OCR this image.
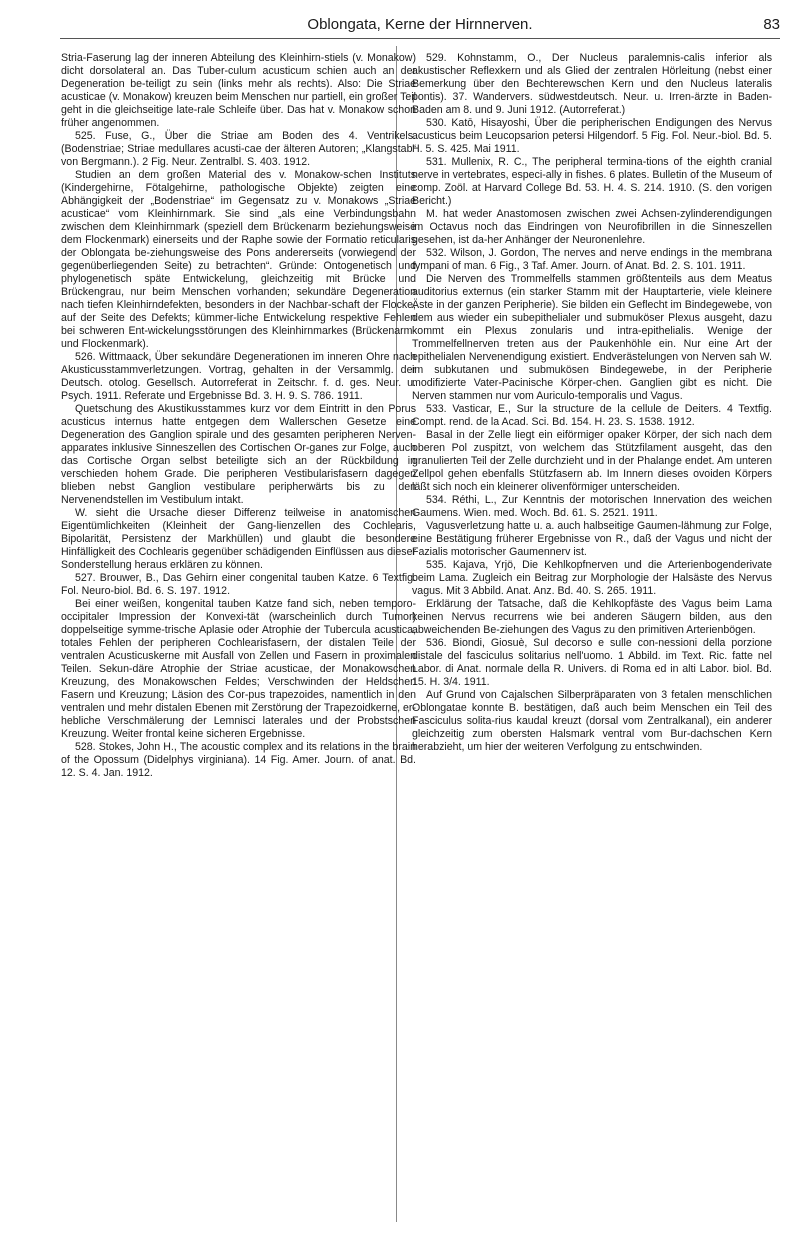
Oblongata, Kerne der Hirnnerven.	83

Stria-Faserung lag der inneren Abteilung des Kleinhirn-stiels (v. Monakow) dicht dorsolateral an. Das Tuber-culum acusticum schien auch an der Degeneration be-teiligt zu sein (links mehr als rechts). Also: Die Striae acusticae (v. Monakow) kreuzen beim Menschen nur partiell, ein großer Teil geht in die gleichseitige late-rale Schleife über. Das hat v. Monakow schon früher angenommen.

525. Fuse, G., Über die Striae am Boden des 4. Ventrikels. (Bodenstriae; Striae medullares acusti-cae der älteren Autoren; „Klangstab“ von Bergmann.). 2 Fig. Neur. Zentralbl. S. 403. 1912.

Studien an dem großen Material des v. Monakow-schen Instituts (Kindergehirne, Fötalgehirne, pathologische Objekte) zeigten eine Abhängigkeit der „Bodenstriae“ im Gegensatz zu v. Monakows „Striae acusticae“ vom Kleinhirnmark. Sie sind „als eine Verbindungsbahn zwischen dem Kleinhirnmark (speziell dem Brückenarm beziehungsweise dem Flockenmark) einerseits und der Raphe sowie der Formatio reticularis der Oblongata be-ziehungsweise des Pons andererseits (vorwiegend der gegenüberliegenden Seite) zu betrachten“. Gründe: Ontogenetisch und phylogenetisch späte Entwickelung, gleichzeitig mit Brücke und Brückengrau, nur beim Menschen vorhanden; sekundäre Degeneration nach tiefen Kleinhirndefekten, besonders in der Nachbar-schaft der Flocke, auf der Seite des Defekts; kümmer-liche Entwickelung respektive Fehlen bei schweren Ent-wickelungsstörungen des Kleinhirnmarkes (Brückenarm- und Flockenmark).

526. Wittmaack, Über sekundäre Degenerationen im inneren Ohre nach Akusticusstammverletzungen. Vortrag, gehalten in der Versammlg. der Deutsch. otolog. Gesellsch. Autorreferat in Zeitschr. f. d. ges. Neur. u. Psych. 1911. Referate und Ergebnisse Bd. 3. H. 9. S. 786. 1911.

Quetschung des Akustikusstammes kurz vor dem Eintritt in den Porus acusticus internus hatte entgegen dem Wallerschen Gesetze eine Degeneration des Ganglion spirale und des gesamten peripheren Nerven-apparates inklusive Sinneszellen des Cortischen Or-ganes zur Folge, auch das Cortische Organ selbst beteiligte sich an der Rückbildung in verschieden hohem Grade. Die peripheren Vestibularisfasern dagegen blieben nebst Ganglion vestibulare peripherwärts bis zu den Nervenendstellen im Vestibulum intakt.

W. sieht die Ursache dieser Differenz teilweise in anatomischen Eigentümlichkeiten (Kleinheit der Gang-lienzellen des Cochlearis, Bipolarität, Persistenz der Markhüllen) und glaubt die besondere Hinfälligkeit des Cochlearis gegenüber schädigenden Einflüssen aus dieser Sonderstellung heraus erklären zu können.

527. Brouwer, B., Das Gehirn einer congenital tauben Katze. 6 Textfig. Fol. Neuro-biol. Bd. 6. S. 197. 1912.

Bei einer weißen, kongenital tauben Katze fand sich, neben temporo-occipitaler Impression der Konvexi-tät (warscheinlich durch Tumor) doppelseitige symme-trische Aplasie oder Atrophie der Tubercula acustica, totales Fehlen der peripheren Cochlearisfasern, der distalen Teile der ventralen Acusticuskerne mit Ausfall von Zellen und Fasern in proximalen Teilen. Sekun-däre Atrophie der Striae acusticae, der Monakowschen Kreuzung, des Monakowschen Feldes; Verschwinden der Heldschen Fasern und Kreuzung; Läsion des Cor-pus trapezoides, namentlich in den ventralen und mehr distalen Ebenen mit Zerstörung der Trapezoidkerne, er-hebliche Verschmälerung der Lemnisci laterales und der Probstschen Kreuzung. Weiter frontal keine sicheren Ergebnisse.

528. Stokes, John H., The acoustic complex and its relations in the brain of the Opossum (Didelphys virginiana). 14 Fig. Amer. Journ. of anat. Bd. 12. S. 4. Jan. 1912.

529. Kohnstamm, O., Der Nucleus paralemnis-calis inferior als akustischer Reflexkern und als Glied der zentralen Hörleitung (nebst einer Bemerkung über den Bechterewschen Kern und den Nucleus lateralis pontis). 37. Wandervers. südwestdeutsch. Neur. u. Irren-ärzte in Baden-Baden am 8. und 9. Juni 1912. (Autorreferat.)

530. Katō, Hisayoshi, Über die peripherischen Endigungen des Nervus acusticus beim Leucopsarion petersi Hilgendorf. 5 Fig. Fol. Neur.-biol. Bd. 5. H. 5. S. 425. Mai 1911.

531. Mullenix, R. C., The peripheral termina-tions of the eighth cranial nerve in vertebrates, especi-ally in fishes. 6 plates. Bulletin of the Museum of comp. Zoöl. at Harvard College Bd. 53. H. 4. S. 214. 1910. (S. den vorigen Bericht.)

M. hat weder Anastomosen zwischen zwei Achsen-zylinderendigungen im Octavus noch das Eindringen von Neurofibrillen in die Sinneszellen gesehen, ist da-her Anhänger der Neuronenlehre.

532. Wilson, J. Gordon, The nerves and nerve endings in the membrana tympani of man. 6 Fig., 3 Taf. Amer. Journ. of Anat. Bd. 2. S. 101. 1911.

Die Nerven des Trommelfells stammen größtenteils aus dem Meatus auditorius externus (ein starker Stamm mit der Hauptarterie, viele kleinere Äste in der ganzen Peripherie). Sie bilden ein Geflecht im Bindegewebe, von dem aus wieder ein subepithelialer und submuköser Plexus ausgeht, dazu kommt ein Plexus zonularis und intra-epithelialis. Wenige der Trommelfellnerven treten aus der Paukenhöhle ein. Nur eine Art der epithelialen Nervenendigung existiert. Endverästelungen von Nerven sah W. im subkutanen und submukösen Bindegewebe, in der Peripherie modifizierte Vater-Pacinische Körper-chen. Ganglien gibt es nicht. Die Nerven stammen nur vom Auriculo-temporalis und Vagus.

533. Vasticar, E., Sur la structure de la cellule de Deiters. 4 Textfig. Compt. rend. de la Acad. Sci. Bd. 154. H. 23. S. 1538. 1912.

Basal in der Zelle liegt ein eiförmiger opaker Körper, der sich nach dem oberen Pol zuspitzt, von welchem das Stützfilament ausgeht, das den granulierten Teil der Zelle durchzieht und in der Phalange endet. Am unteren Zellpol gehen ebenfalls Stützfasern ab. Im Innern dieses ovoiden Körpers läßt sich noch ein kleinerer olivenförmiger unterscheiden.

534. Réthi, L., Zur Kenntnis der motorischen Innervation des weichen Gaumens. Wien. med. Woch. Bd. 61. S. 2521. 1911.

Vagusverletzung hatte u. a. auch halbseitige Gaumen-lähmung zur Folge, eine Bestätigung früherer Ergebnisse von R., daß der Vagus und nicht der Fazialis motorischer Gaumennerv ist.

535. Kajava, Yrjö, Die Kehlkopfnerven und die Arterienbogenderivate beim Lama. Zugleich ein Beitrag zur Morphologie der Halsäste des Nervus vagus. Mit 3 Abbild. Anat. Anz. Bd. 40. S. 265. 1911.

Erklärung der Tatsache, daß die Kehlkopfäste des Vagus beim Lama keinen Nervus recurrens wie bei anderen Säugern bilden, aus den abweichenden Be-ziehungen des Vagus zu den primitiven Arterienbögen.

536. Biondi, Giosuè, Sul decorso e sulle con-nessioni della porzione distale del fasciculus solitarius nell'uomo. 1 Abbild. im Text. Ric. fatte nel Labor. di Anat. normale della R. Univers. di Roma ed in alti Labor. biol. Bd. 15. H. 3/4. 1911.

Auf Grund von Cajalschen Silberpräparaten von 3 fetalen menschlichen Oblongatae konnte B. bestätigen, daß auch beim Menschen ein Teil des Fasciculus solita-rius kaudal kreuzt (dorsal vom Zentralkanal), ein anderer gleichzeitig zum obersten Halsmark ventral vom Bur-dachschen Kern herabzieht, um hier der weiteren Verfolgung zu entschwinden.
